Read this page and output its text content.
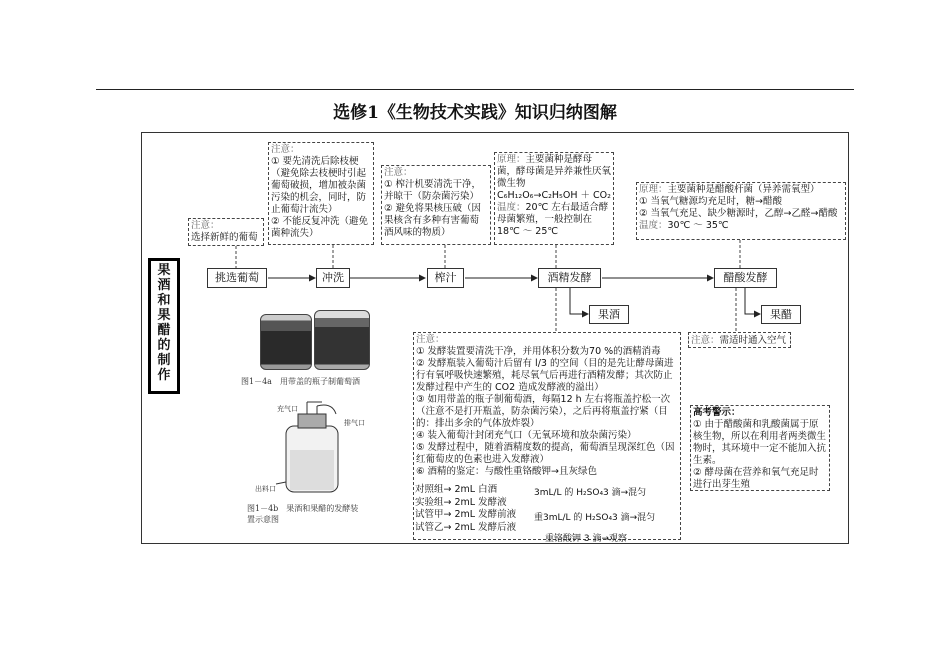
选修1《生物技术实践》知识归纳图解
果
酒
和
果
醋
的
制
作
挑选葡萄	冲洗	榨汁	酒精发酵	醋酸发酵
果酒	果醋
注意：
选择新鲜的葡萄
注意：
① 要先清洗后除枝梗（避免除去枝梗时引起葡萄破损，增加被杂菌污染的机会，同时，防止葡萄汁流失）
② 不能反复冲洗（避免菌种流失）
注意：
① 榨汁机要清洗干净，并晾干（防杂菌污染）
② 避免将果核压破（因果核含有多种有害葡萄酒风味的物质）
原理：主要菌种是酵母菌，酵母菌是异养兼性厌氧微生物
C₆H₁₂O₆→C₂H₅OH ＋ CO₂
温度：20℃ 左右最适合酵母菌繁殖，一般控制在 18℃ ～ 25℃
原理：主要菌种是醋酸杆菌（异养需氧型）
① 当氧气糖源均充足时，糖→醋酸
② 当氧气充足、缺少糖源时，乙醇→乙醛→醋酸
温度：30℃ ～ 35℃
注意：需适时通入空气
注意：
① 发酵装置要清洗干净，并用体积分数为70 %的酒精消毒
② 发酵瓶装入葡萄汁后留有 l/3 的空间（目的是先让酵母菌进行有氧呼吸快速繁殖，耗尽氧气后再进行酒精发酵；其次防止发酵过程中产生的 CO2 造成发酵液的溢出）
③ 如用带盖的瓶子制葡萄酒，每隔12 h 左右将瓶盖拧松一次（注意不是打开瓶盖，防杂菌污染），之后再将瓶盖拧紧（目的：排出多余的气体放炸裂）
④ 装入葡萄汁封闭充气口（无氧环境和放杂菌污染）
⑤ 发酵过程中，随着酒精度数的提高，葡萄酒呈现深红色（因红葡萄皮的色素也进入发酵液）
⑥ 酒精的鉴定：与酸性重铬酸钾→且灰绿色
对照组→ 2mL 白酒
实验组→ 2mL 发酵液
试管甲→ 2mL 发酵前液
试管乙→ 2mL 发酵后液
3mL/L 的 H₂SO₄3 滴→混匀
重3mL/L 的 H₂SO₄3 滴→混匀
重铬酸钾 3 滴→观察
高考警示：
① 由于醋酸菌和乳酸菌属于原核生物，所以在利用者两类微生物时，其环境中一定不能加入抗生素。
② 酵母菌在营养和氧气充足时进行出芽生殖
图1－4a　用带盖的瓶子制葡萄酒
充气口
排气口
出料口
图1－4b　果酒和果醋的发酵装置示意图
